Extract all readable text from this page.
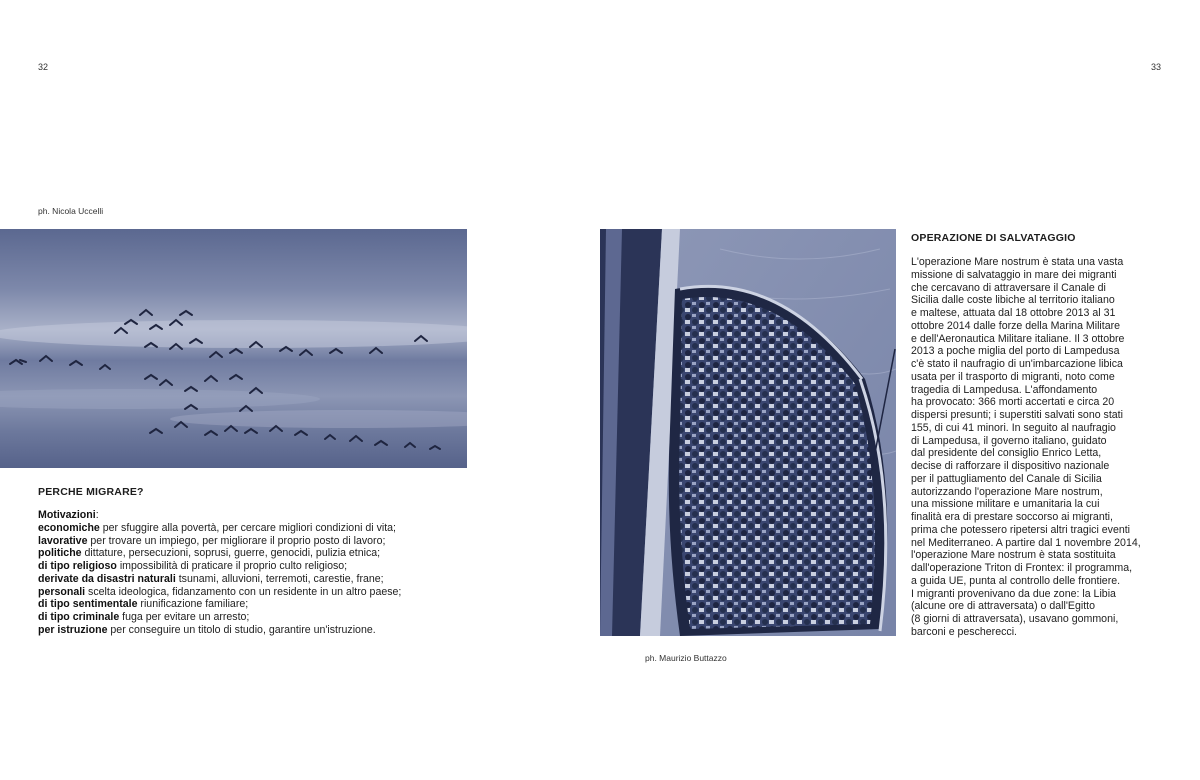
32
ph. Nicola Uccelli
PERCHE MIGRARE?
Motivazioni:
economiche per sfuggire alla povertà, per cercare migliori condizioni di vita;
lavorative per trovare un impiego, per migliorare il proprio posto di lavoro;
politiche dittature, persecuzioni, soprusi, guerre, genocidi, pulizia etnica;
di tipo religioso impossibilità di praticare il proprio culto religioso;
derivate da disastri naturali tsunami, alluvioni, terremoti, carestie, frane;
personali scelta ideologica, fidanzamento con un residente in un altro paese;
di tipo sentimentale riunificazione familiare;
di tipo criminale fuga per evitare un arresto;
per istruzione per conseguire un titolo di studio, garantire un'istruzione.
33
ph. Maurizio Buttazzo
OPERAZIONE DI SALVATAGGIO
L'operazione Mare nostrum è stata una vasta
missione di salvataggio in mare dei migranti
che cercavano di attraversare il Canale di
Sicilia dalle coste libiche al territorio italiano
e maltese, attuata dal 18 ottobre 2013 al 31
ottobre 2014 dalle forze della Marina Militare
e dell'Aeronautica Militare italiane. Il 3 ottobre
2013 a poche miglia del porto di Lampedusa
c'è stato il naufragio di un'imbarcazione libica
usata per il trasporto di migranti, noto come
tragedia di Lampedusa. L'affondamento
ha provocato: 366 morti accertati e circa 20
dispersi presunti; i superstiti salvati sono stati
155, di cui 41 minori. In seguito al naufragio
di Lampedusa, il governo italiano, guidato
dal presidente del consiglio Enrico Letta,
decise di rafforzare il dispositivo nazionale
per il pattugliamento del Canale di Sicilia
autorizzando l'operazione Mare nostrum,
una missione militare e umanitaria la cui
finalità era di prestare soccorso ai migranti,
prima che potessero ripetersi altri tragici eventi
nel Mediterraneo. A partire dal 1 novembre 2014,
l'operazione Mare nostrum è stata sostituita
dall'operazione Triton di Frontex: il programma,
a guida UE, punta al controllo delle frontiere.
I migranti provenivano da due zone: la Libia
(alcune ore di attraversata) o dall'Egitto
(8 giorni di attraversata), usavano gommoni,
barconi e pescherecci.
